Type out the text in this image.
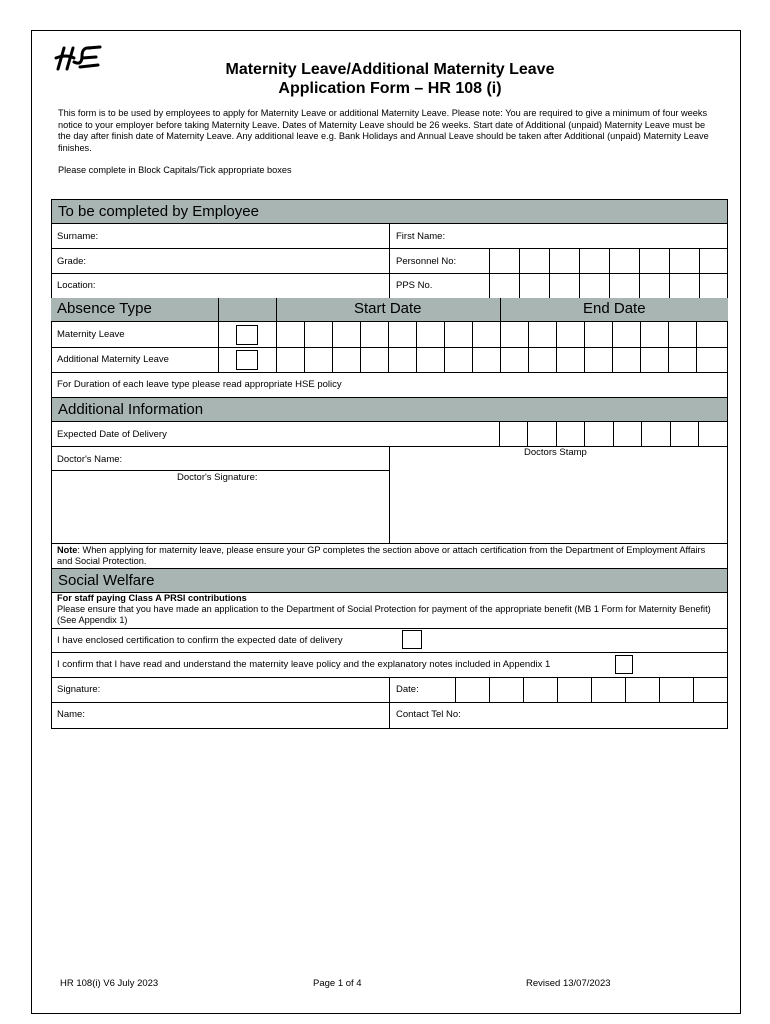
Maternity Leave/Additional Maternity Leave
Application Form – HR 108 (i)
This form is to be used by employees to apply for Maternity Leave or additional Maternity Leave. Please note: You are required to give a minimum of four weeks notice to your employer before taking Maternity Leave. Dates of Maternity Leave should be 26 weeks. Start date of Additional (unpaid) Maternity Leave must be the day after finish date of Maternity Leave. Any additional leave e.g. Bank Holidays and Annual Leave should be taken after Additional (unpaid) Maternity Leave finishes.
Please complete in Block Capitals/Tick appropriate boxes
To be completed by Employee
Surname:	First Name:
Grade:	Personnel No:
Location:	PPS No.
Absence Type	Start Date	End Date
Maternity Leave
Additional Maternity Leave
For Duration of each leave type please read appropriate HSE policy
Additional Information
Expected Date of Delivery
Doctor's Name:
Doctors Stamp
Doctor's Signature:
Note: When applying for maternity leave, please ensure your GP completes the section above or attach certification from the Department of Employment Affairs and Social Protection.
Social Welfare
For staff paying Class A PRSI contributions
Please ensure that you have made an application to the Department of Social Protection for payment of the appropriate benefit (MB 1 Form for Maternity Benefit) (See Appendix 1)
I have enclosed certification to confirm the expected date of delivery
I confirm that I have read and understand the maternity leave policy and the explanatory notes included in Appendix 1
Signature:	Date:
Name:	Contact Tel No:
HR 108(i) V6 July 2023	Page 1 of 4	Revised 13/07/2023
